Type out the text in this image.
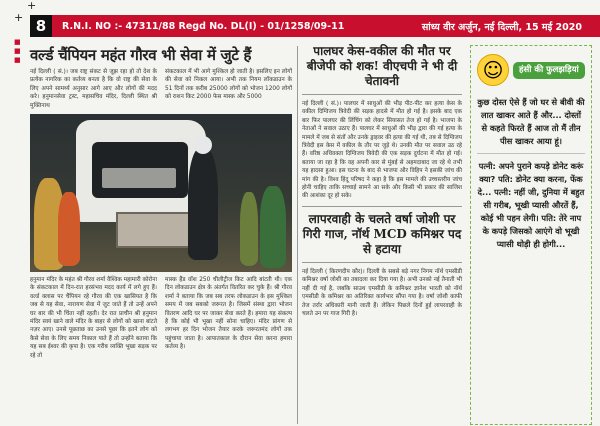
+
+ 8	R.N.I. NO :- 47311/88 Regd No. DL(I) - 01/1258/09-11	सांध्य वीर अर्जुन, नई दिल्ली, 15 मई 2020
■
■
■ वर्ल्ड चैंपियन महंत गौरव भी सेवा में जुटे हैं
नई दिल्ली ( सं.)। जब राष्ट्र संकट से जूझ रहा हो तो देश के प्रत्येक नागरिक का कर्तव्य बनता है कि वो राष्ट्र की सेवा के लिए अपने सामर्थ्य अनुसार आगे आए और लोगों की मदद करे। हनुमानसेवा ट्रस्ट, महासचिव मंदिर, दिल्ली स्थित श्री मुक्तिनाथ
संकटकाल में भी आगे मुश्किल हो जाती है। इसलिए इन लोगों की सेवा को निकल आया। अभी तक नियम लॉकडाउन के 51 दिनों तक करीब 25000 लोगों को भोजन 1200 लोगों को राशन किट 2000 फेस मास्क और 5000
हनुमान मंदिर के महंत श्री गौरव शर्मा वैश्विक महामारी कोरोना के संकटकाल में दिन-रात हरसंभव मदद कार्य में लगे हुए हैं। वर्ल्ड क्लास पर चैंपियन रहे गौरव की एक खासियत है कि जब से यह सेवा, नारायण सेवा में जुट जाते हैं तो उन्हें अपने घर बार की भी चिंता नहीं रहती। देर रात प्राचीन श्री हनुमान मंदिर स्वयं खाने वाले मंदिर के बाहर से लोगों को खाना बांटते नज़र आए। उनसे पूछताछ का उनसे पूछा कि इतने लोग को कैसे सेवा के लिए समय निकाल पाते हैं तो उन्होंने बताया कि यह सब ईश्वर की कृपा है। एक गरीब व्यक्ति भूखा सड़क पर रहे तो
मास्क हैंड वॉश 250 चीलीट्रीज किट आदि बांटती थी। एक दिन लोकडाउन क्षेत्र के अंतर्गत वितरित कर चुके हैं। श्री गौरव शर्मा ने बताया कि जब सब तरफ लोकडाउन के इस मुश्किल समय में जब सबको जरूरत है। जिसमें संस्था द्वारा भोजन वितरण आदि घर पर जाकर सेवा करते हैं। हमारा यह संकल्प है कि कोई भी भूखा नहीं सोना चाहिए। मंदिर प्रांगण से लगभग हर दिन भोजन तैयार करके जरूरतमंद लोगों तक पहुंचाया जाता है। आपातकाल के दौरान सेवा करना हमारा कर्तव्य है।
पालघर केस-वकील की मौत पर बीजेपी को शक! वीएचपी ने भी दी चेतावनी
नई दिल्ली ( सं.)। पालघर में साधुओं की भीड़ पीट-पीट कर हत्या केस के वकील दिग्विजय त्रिवेदी की सड़क हादसे में मौत हो गई है। इसके बाद एक बार फिर पालघर की लिंचिंग को लेकर सियासत तेज हो गई है। भाजपा के नेताओं ने सवाल उठाए हैं। पालघर में साधुओं की भीड़ द्वारा की गई हत्या के मामले में जब से संतों और उनके ड्राइवर की हत्या की गई थी, तब से दिग्विजय त्रिवेदी इस केस में वकील के तौर पर जुड़े थे। उनकी मौत पर सवाल उठ रहे हैं। वरिष्ठ अधिवक्ता दिग्विजय त्रिवेदी की एक सड़क दुर्घटना में मौत हो गई। बताया जा रहा है कि वह अपनी कार से मुंबई से अहमदाबाद जा रहे थे तभी यह हादसा हुआ। इस घटना के बाद से भाजपा और विहिप ने इसकी जांच की मांग की है। विश्व हिंदू परिषद ने कहा है कि इस मामले की उच्चस्तरीय जांच होनी चाहिए ताकि सच्चाई सामने आ सके और किसी भी प्रकार की साजिश की आशंका दूर हो सके।
लापरवाही के चलते वर्षा जोशी पर गिरी गाज, नॉर्थ MCD कमिश्नर पद से हटाया
नई दिल्ली ( किरणदीप कौर)। दिल्ली के सबसे बड़े नगर निगम नॉर्थ एमसीडी कमिश्नर वर्षा जोशी का तबादला कर दिया गया है। अभी उनको नई तैनाती भी नहीं दी गई है, जबकि साउथ एमसीडी के कमिश्नर ज्ञानेश भारती को नॉर्थ एमसीडी के कमिश्नर का अतिरिक्त कार्यभार सौंपा गया है। वर्षा जोशी काफी तेज तर्रार अधिकारी मानी जाती हैं। लेकिन पिछले दिनों हुई लापरवाही के चलते उन पर गाज गिरी है।
☺	हंसी की फुलझड़ियां
कुछ दोस्त ऐसे हैं जो घर से बीवी की लात खाकर आते हैं और... दोस्तों से कहते फिरते हैं आज तो मैं तीन पीस खाकर आया हूं।
पत्नी: अपने पुराने कपड़े डोनेट करूं क्या? पति: डोनेट क्या करना, फेंक दे... पत्नी: नहीं जी, दुनिया में बहुत सी गरीब, भूखी प्यासी औरतें हैं, कोई भी पहन लेगी। पति: तेरे नाप के कपड़े जिसको आएंगे वो भूखी प्यासी थोड़ी ही होगी...
